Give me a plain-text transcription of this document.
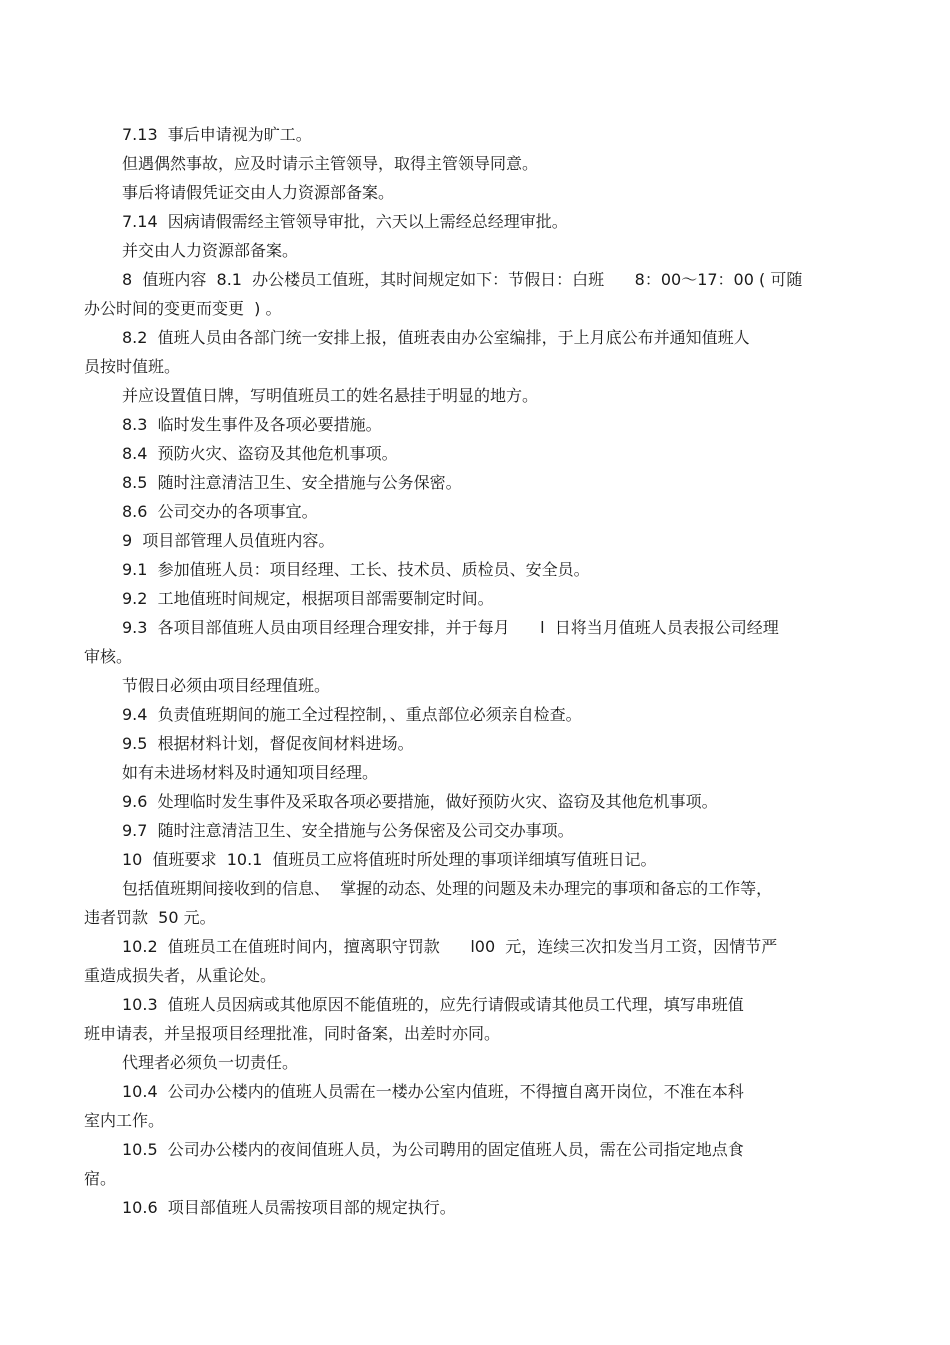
7.13  事后申请视为旷工。

但遇偶然事故，应及时请示主管领导，取得主管领导同意。

事后将请假凭证交由人力资源部备案。

7.14  因病请假需经主管领导审批，六天以上需经总经理审批。

并交由人力资源部备案。

8  值班内容  8.1  办公楼员工值班，其时间规定如下：节假日：白班      8：00～17：00 ( 可随

办公时间的变更而变更  ) 。

8.2  值班人员由各部门统一安排上报，值班表由办公室编排，于上月底公布并通知值班人

员按时值班。

并应设置值日牌，写明值班员工的姓名悬挂于明显的地方。

8.3  临时发生事件及各项必要措施。

8.4  预防火灾、盗窃及其他危机事项。

8.5  随时注意清洁卫生、安全措施与公务保密。

8.6  公司交办的各项事宜。

9  项目部管理人员值班内容。

9.1  参加值班人员：项目经理、工长、技术员、质检员、安全员。

9.2  工地值班时间规定，根据项目部需要制定时间。

9.3  各项目部值班人员由项目经理合理安排，并于每月      l  日将当月值班人员表报公司经理

审核。

节假日必须由项目经理值班。

9.4  负责值班期间的施工全过程控制，、重点部位必须亲自检查。

9.5  根据材料计划，督促夜间材料进场。

如有未进场材料及时通知项目经理。

9.6  处理临时发生事件及采取各项必要措施，做好预防火灾、盗窃及其他危机事项。

9.7  随时注意清洁卫生、安全措施与公务保密及公司交办事项。

10  值班要求  10.1  值班员工应将值班时所处理的事项详细填写值班日记。

包括值班期间接收到的信息、  掌握的动态、处理的问题及未办理完的事项和备忘的工作等，

违者罚款  50 元。

10.2  值班员工在值班时间内，擅离职守罚款      l00  元，连续三次扣发当月工资，因情节严

重造成损失者，从重论处。

10.3  值班人员因病或其他原因不能值班的，应先行请假或请其他员工代理，填写串班值

班申请表，并呈报项目经理批准，同时备案，出差时亦同。

代理者必须负一切责任。

10.4  公司办公楼内的值班人员需在一楼办公室内值班，不得擅自离开岗位，不准在本科

室内工作。

10.5  公司办公楼内的夜间值班人员，为公司聘用的固定值班人员，需在公司指定地点食

宿。

10.6  项目部值班人员需按项目部的规定执行。
